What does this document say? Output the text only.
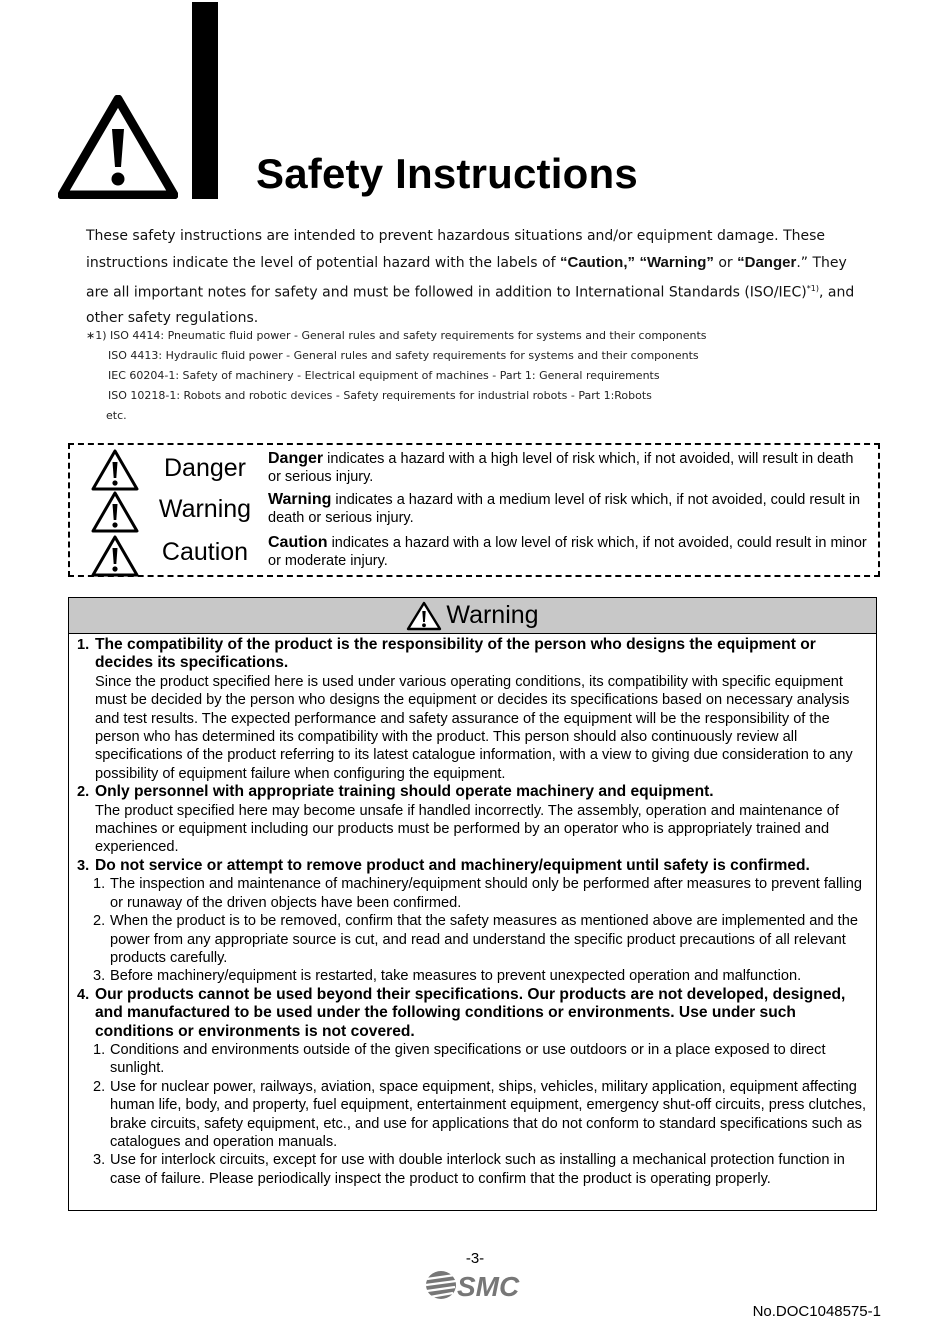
Safety Instructions
These safety instructions are intended to prevent hazardous situations and/or equipment damage. These
instructions indicate the level of potential hazard with the labels of “Caution,” “Warning” or “Danger.” They
are all important notes for safety and must be followed in addition to International Standards $(ISO/IEC)^{*1)}$, and
other safety regulations.
∗1) ISO 4414: Pneumatic fluid power - General rules and safety requirements for systems and their components
ISO 4413: Hydraulic fluid power - General rules and safety requirements for systems and their components
IEC 60204-1: Safety of machinery - Electrical equipment of machines - Part 1: General requirements
ISO 10218-1: Robots and robotic devices - Safety requirements for industrial robots - Part 1:Robots
etc.
Danger	Danger indicates a hazard with a high level of risk which, if not avoided, will result in death or serious injury.
Warning	Warning indicates a hazard with a medium level of risk which, if not avoided, could result in death or serious injury.
Caution	Caution indicates a hazard with a low level of risk which, if not avoided, could result in minor or moderate injury.
Warning
1. The compatibility of the product is the responsibility of the person who designs the equipment or decides its specifications.
Since the product specified here is used under various operating conditions, its compatibility with specific equipment must be decided by the person who designs the equipment or decides its specifications based on necessary analysis and test results. The expected performance and safety assurance of the equipment will be the responsibility of the person who has determined its compatibility with the product. This person should also continuously review all specifications of the product referring to its latest catalogue information, with a view to giving due consideration to any possibility of equipment failure when configuring the equipment.
2. Only personnel with appropriate training should operate machinery and equipment.
The product specified here may become unsafe if handled incorrectly. The assembly, operation and maintenance of machines or equipment including our products must be performed by an operator who is appropriately trained and experienced.
3. Do not service or attempt to remove product and machinery/equipment until safety is confirmed.
1. The inspection and maintenance of machinery/equipment should only be performed after measures to prevent falling or runaway of the driven objects have been confirmed.
2. When the product is to be removed, confirm that the safety measures as mentioned above are implemented and the power from any appropriate source is cut, and read and understand the specific product precautions of all relevant products carefully.
3. Before machinery/equipment is restarted, take measures to prevent unexpected operation and malfunction.
4. Our products cannot be used beyond their specifications. Our products are not developed, designed, and manufactured to be used under the following conditions or environments. Use under such conditions or environments is not covered.
1. Conditions and environments outside of the given specifications or use outdoors or in a place exposed to direct sunlight.
2. Use for nuclear power, railways, aviation, space equipment, ships, vehicles, military application, equipment affecting human life, body, and property, fuel equipment, entertainment equipment, emergency shut-off circuits, press clutches, brake circuits, safety equipment, etc., and use for applications that do not conform to standard specifications such as catalogues and operation manuals.
3. Use for interlock circuits, except for use with double interlock such as installing a mechanical protection function in case of failure. Please periodically inspect the product to confirm that the product is operating properly.
-3-
SMC
No.DOC1048575-1
